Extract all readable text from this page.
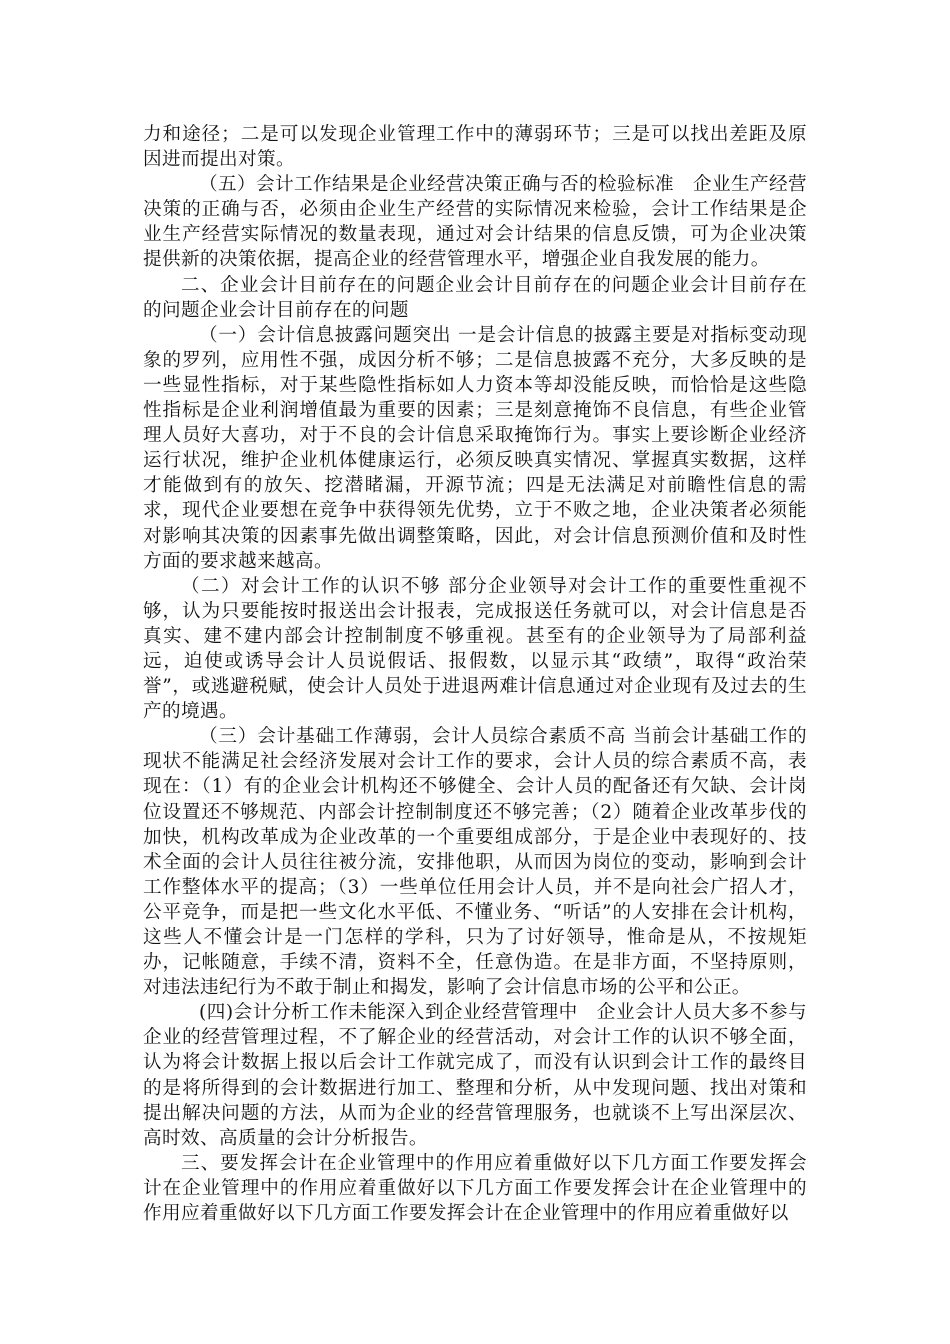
力和途径；二是可以发现企业管理工作中的薄弱环节；三是可以找出差距及原因进而提出对策。

（五）会计工作结果是企业经营决策正确与否的检验标准　企业生产经营决策的正确与否，必须由企业生产经营的实际情况来检验，会计工作结果是企业生产经营实际情况的数量表现，通过对会计结果的信息反馈，可为企业决策提供新的决策依据，提高企业的经营管理水平，增强企业自我发展的能力。

二、企业会计目前存在的问题企业会计目前存在的问题企业会计目前存在的问题企业会计目前存在的问题

（一）会计信息披露问题突出 一是会计信息的披露主要是对指标变动现象的罗列，应用性不强，成因分析不够；二是信息披露不充分，大多反映的是一些显性指标，对于某些隐性指标如人力资本等却没能反映，而恰恰是这些隐性指标是企业利润增值最为重要的因素；三是刻意掩饰不良信息，有些企业管理人员好大喜功，对于不良的会计信息采取掩饰行为。事实上要诊断企业经济运行状况，维护企业机体健康运行，必须反映真实情况、掌握真实数据，这样才能做到有的放矢、挖潜睹漏，开源节流；四是无法满足对前瞻性信息的需求，现代企业要想在竞争中获得领先优势，立于不败之地，企业决策者必须能对影响其决策的因素事先做出调整策略，因此，对会计信息预测价值和及时性方面的要求越来越高。

（二）对会计工作的认识不够 部分企业领导对会计工作的重要性重视不够，认为只要能按时报送出会计报表，完成报送任务就可以，对会计信息是否真实、建不建内部会计控制制度不够重视。甚至有的企业领导为了局部利益远，迫使或诱导会计人员说假话、报假数，以显示其“政绩”，取得“政治荣誉”，或逃避税赋，使会计人员处于进退两难计信息通过对企业现有及过去的生产的境遇。

（三）会计基础工作薄弱，会计人员综合素质不高 当前会计基础工作的现状不能满足社会经济发展对会计工作的要求，会计人员的综合素质不高，表现在：（1）有的企业会计机构还不够健全、会计人员的配备还有欠缺、会计岗位设置还不够规范、内部会计控制制度还不够完善；（2）随着企业改革步伐的加快，机构改革成为企业改革的一个重要组成部分，于是企业中表现好的、技术全面的会计人员往往被分流，安排他职，从而因为岗位的变动，影响到会计工作整体水平的提高；（3）一些单位任用会计人员，并不是向社会广招人才，公平竞争，而是把一些文化水平低、不懂业务、“听话”的人安排在会计机构，这些人不懂会计是一门怎样的学科，只为了讨好领导，惟命是从，不按规矩办，记帐随意，手续不清，资料不全，任意伪造。在是非方面，不坚持原则，对违法违纪行为不敢于制止和揭发，影响了会计信息市场的公平和公正。

(四)会计分析工作未能深入到企业经营管理中　企业会计人员大多不参与企业的经营管理过程，不了解企业的经营活动，对会计工作的认识不够全面，认为将会计数据上报以后会计工作就完成了，而没有认识到会计工作的最终目的是将所得到的会计数据进行加工、整理和分析，从中发现问题、找出对策和提出解决问题的方法，从而为企业的经营管理服务，也就谈不上写出深层次、高时效、高质量的会计分析报告。

三、要发挥会计在企业管理中的作用应着重做好以下几方面工作要发挥会计在企业管理中的作用应着重做好以下几方面工作要发挥会计在企业管理中的作用应着重做好以下几方面工作要发挥会计在企业管理中的作用应着重做好以
